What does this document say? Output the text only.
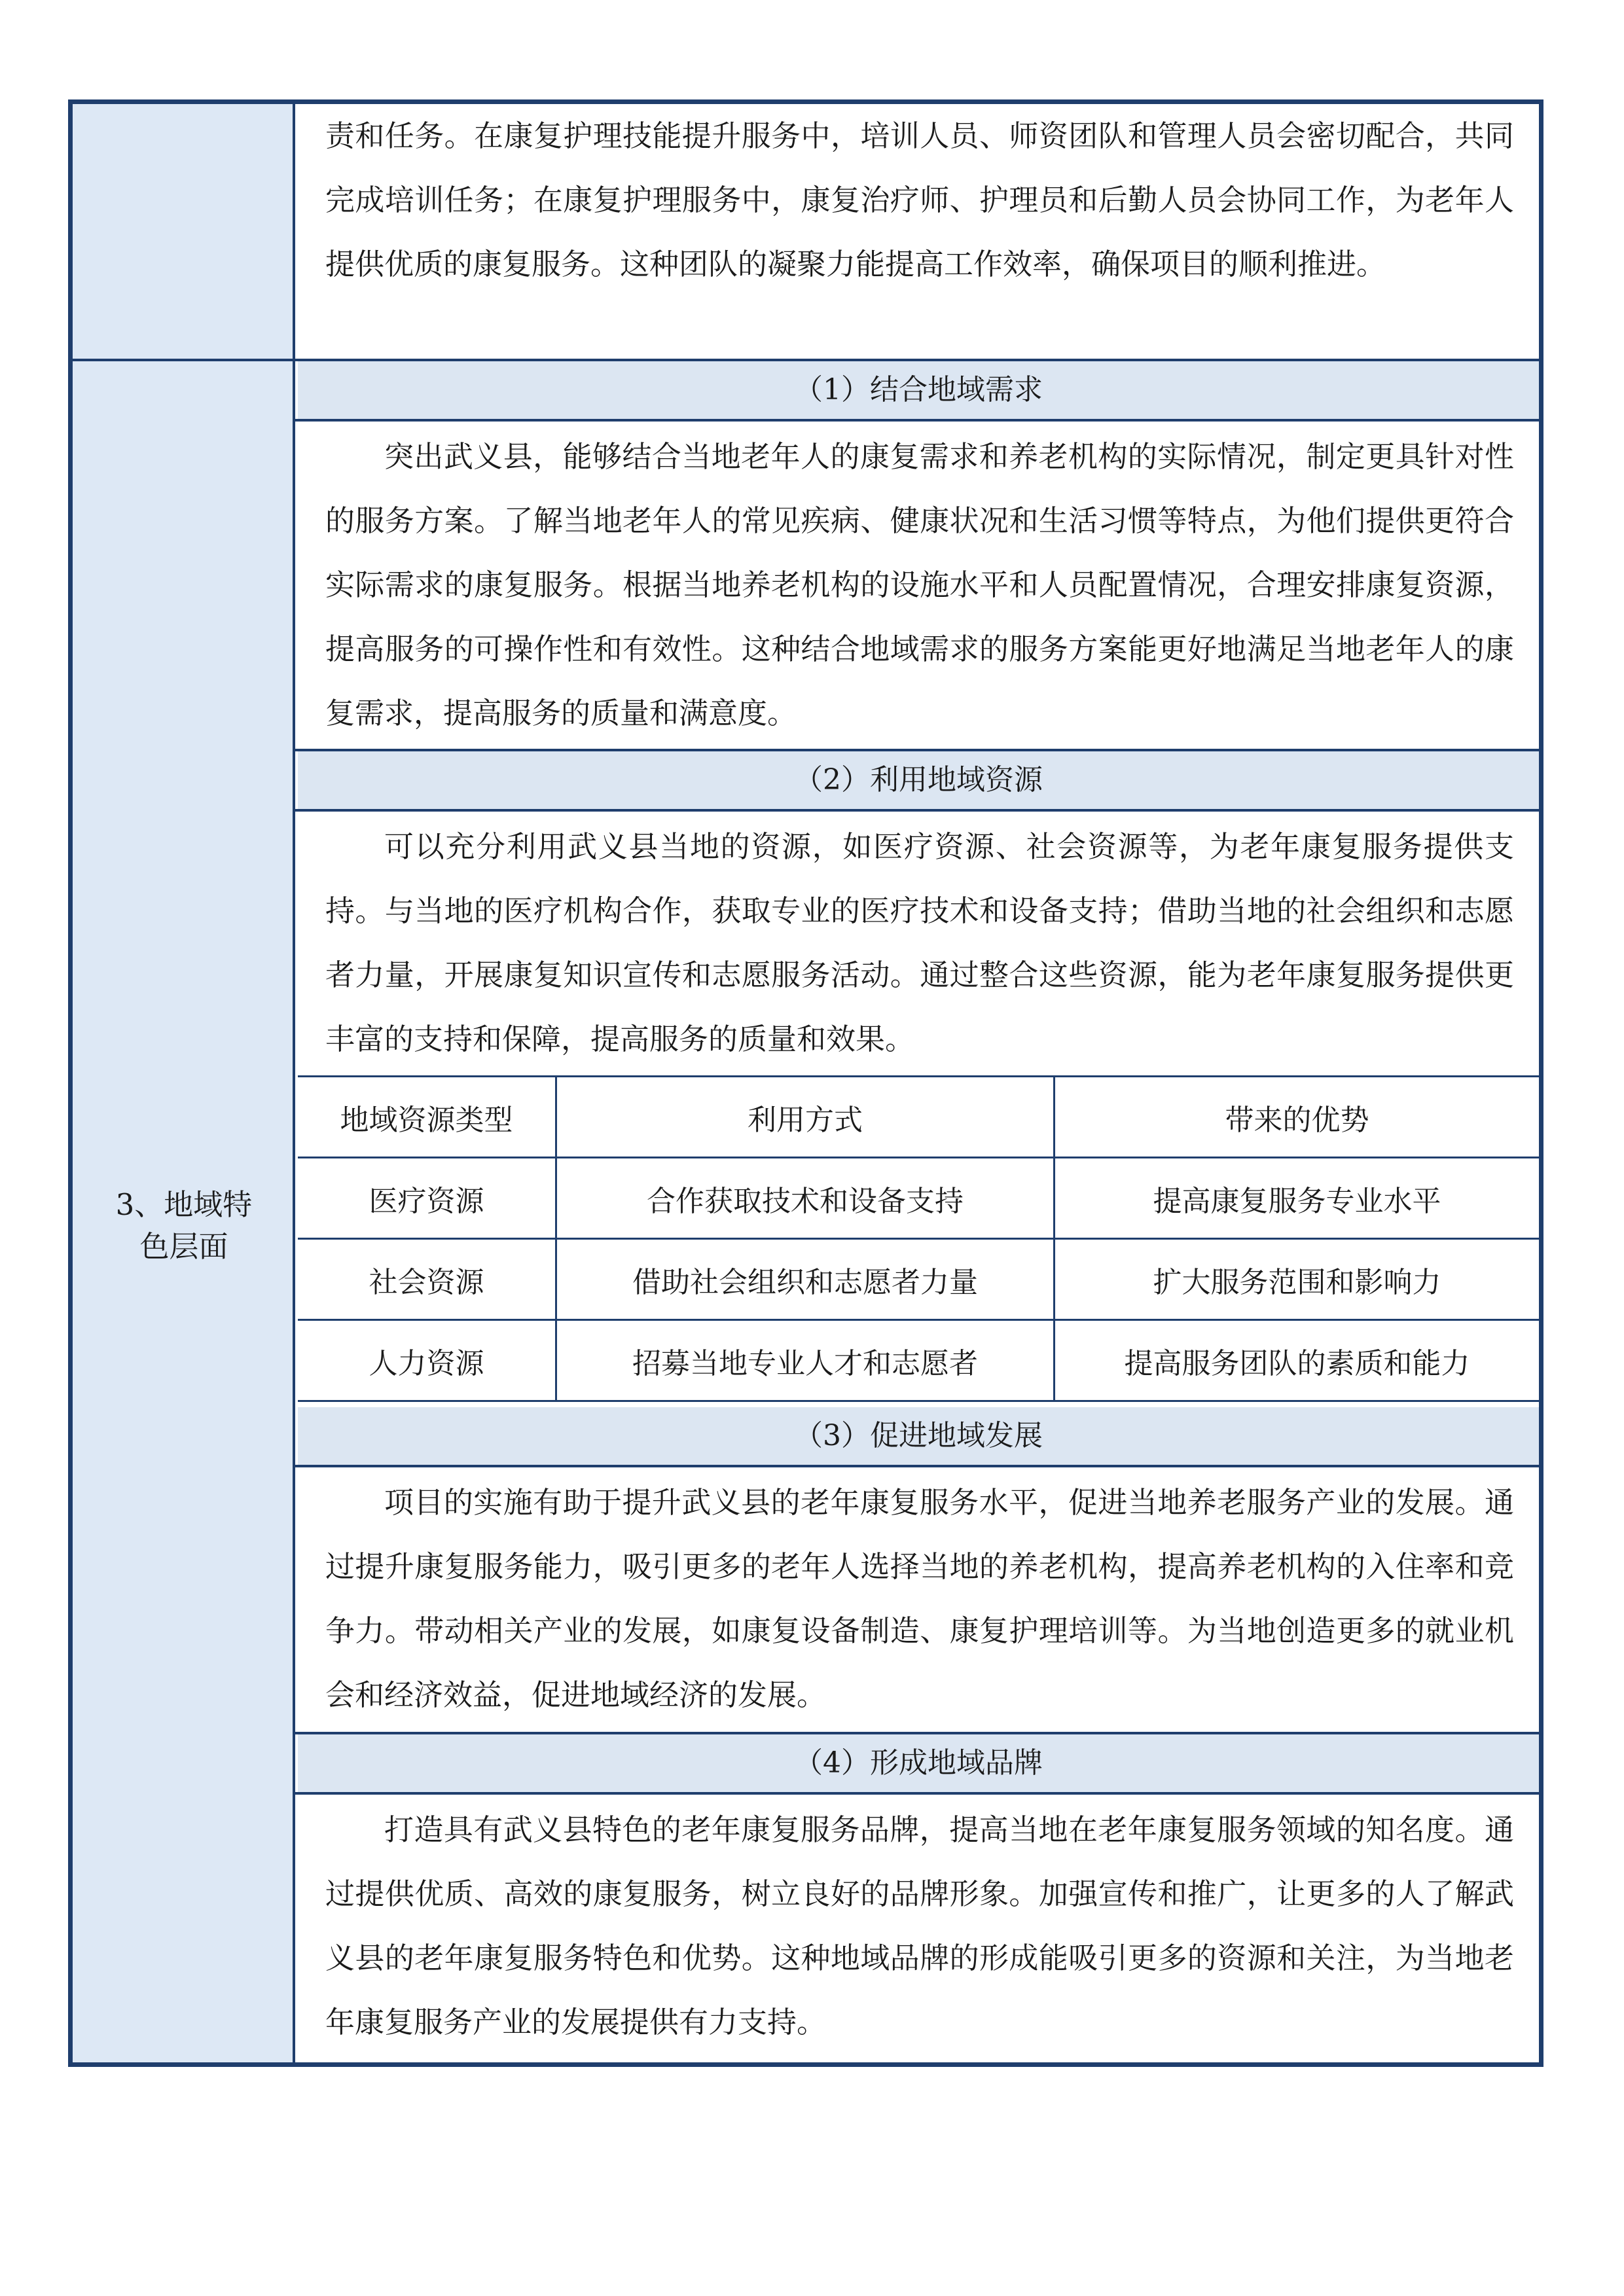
责和任务。在康复护理技能提升服务中，培训人员、师资团队和管理人员会密切配合，共同完成培训任务；在康复护理服务中，康复治疗师、护理员和后勤人员会协同工作，为老年人提供优质的康复服务。这种团队的凝聚力能提高工作效率，确保项目的顺利推进。
3、地域特
色层面
（1）结合地域需求
突出武义县，能够结合当地老年人的康复需求和养老机构的实际情况，制定更具针对性的服务方案。了解当地老年人的常见疾病、健康状况和生活习惯等特点，为他们提供更符合实际需求的康复服务。根据当地养老机构的设施水平和人员配置情况，合理安排康复资源，提高服务的可操作性和有效性。这种结合地域需求的服务方案能更好地满足当地老年人的康复需求，提高服务的质量和满意度。
（2）利用地域资源
可以充分利用武义县当地的资源，如医疗资源、社会资源等，为老年康复服务提供支持。与当地的医疗机构合作，获取专业的医疗技术和设备支持；借助当地的社会组织和志愿者力量，开展康复知识宣传和志愿服务活动。通过整合这些资源，能为老年康复服务提供更丰富的支持和保障，提高服务的质量和效果。
地域资源类型	利用方式	带来的优势
医疗资源	合作获取技术和设备支持	提高康复服务专业水平
社会资源	借助社会组织和志愿者力量	扩大服务范围和影响力
人力资源	招募当地专业人才和志愿者	提高服务团队的素质和能力
（3）促进地域发展
项目的实施有助于提升武义县的老年康复服务水平，促进当地养老服务产业的发展。通过提升康复服务能力，吸引更多的老年人选择当地的养老机构，提高养老机构的入住率和竞争力。带动相关产业的发展，如康复设备制造、康复护理培训等。为当地创造更多的就业机会和经济效益，促进地域经济的发展。
（4）形成地域品牌
打造具有武义县特色的老年康复服务品牌，提高当地在老年康复服务领域的知名度。通过提供优质、高效的康复服务，树立良好的品牌形象。加强宣传和推广，让更多的人了解武义县的老年康复服务特色和优势。这种地域品牌的形成能吸引更多的资源和关注，为当地老年康复服务产业的发展提供有力支持。
